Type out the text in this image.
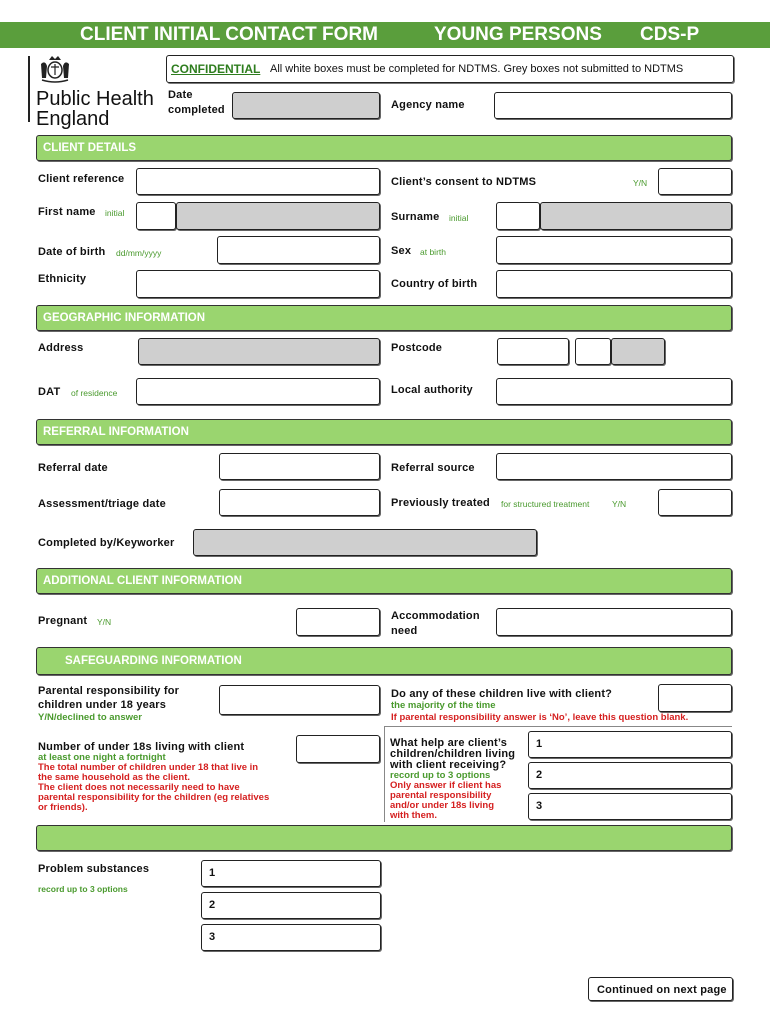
CLIENT INITIAL CONTACT FORM	YOUNG PERSONS CDS-P
Public Health
England
CONFIDENTIAL All white boxes must be completed for NDTMS. Grey boxes not submitted to NDTMS
Date
completed	Agency name
CLIENT DETAILS
Client reference	Client’s consent to NDTMS	Y/N
First name initial	Surname initial
Date of birth dd/mm/yyyy	Sex at birth
Ethnicity	Country of birth
GEOGRAPHIC INFORMATION
Address	Postcode
DAT of residence	Local authority
REFERRAL INFORMATION
Referral date	Referral source
Assessment/triage date	Previously treated for structured treatment	Y/N
Completed by/Keyworker
ADDITIONAL CLIENT INFORMATION
Pregnant Y/N	Accommodation
need
SAFEGUARDING INFORMATION
Parental responsibility for
children under 18 years
Y/N/declined to answer
Do any of these children live with client?
the majority of the time
If parental responsibility answer is ‘No’, leave this question blank.
Number of under 18s living with client
at least one night a fortnight
The total number of children under 18 that live in
the same household as the client.
The client does not necessarily need to have
parental responsibility for the children (eg relatives
or friends).
What help are client’s
children/children living
with client receiving?
record up to 3 options
Only answer if client has
parental responsibility
and/or under 18s living
with them.
1
2
3
Problem substances
record up to 3 options
1
2
3
Continued on next page
